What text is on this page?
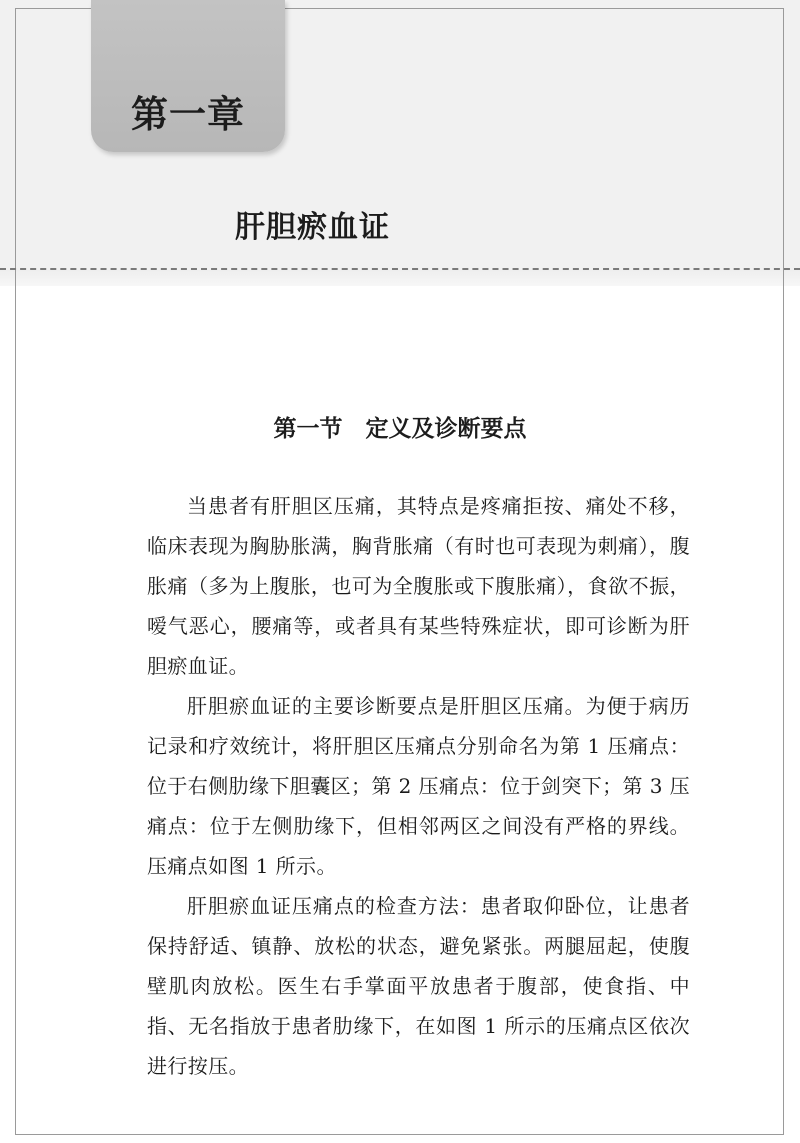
第一章
肝胆瘀血证
第一节　定义及诊断要点

当患者有肝胆区压痛，其特点是疼痛拒按、痛处不移，临床表现为胸胁胀满，胸背胀痛（有时也可表现为刺痛），腹胀痛（多为上腹胀，也可为全腹胀或下腹胀痛），食欲不振，嗳气恶心，腰痛等，或者具有某些特殊症状，即可诊断为肝胆瘀血证。

肝胆瘀血证的主要诊断要点是肝胆区压痛。为便于病历记录和疗效统计，将肝胆区压痛点分别命名为第 1 压痛点：位于右侧肋缘下胆囊区；第 2 压痛点：位于剑突下；第 3 压痛点：位于左侧肋缘下，但相邻两区之间没有严格的界线。压痛点如图 1 所示。

肝胆瘀血证压痛点的检查方法：患者取仰卧位，让患者保持舒适、镇静、放松的状态，避免紧张。两腿屈起，使腹壁肌肉放松。医生右手掌面平放患者于腹部，使食指、中指、无名指放于患者肋缘下，在如图 1 所示的压痛点区依次进行按压。
